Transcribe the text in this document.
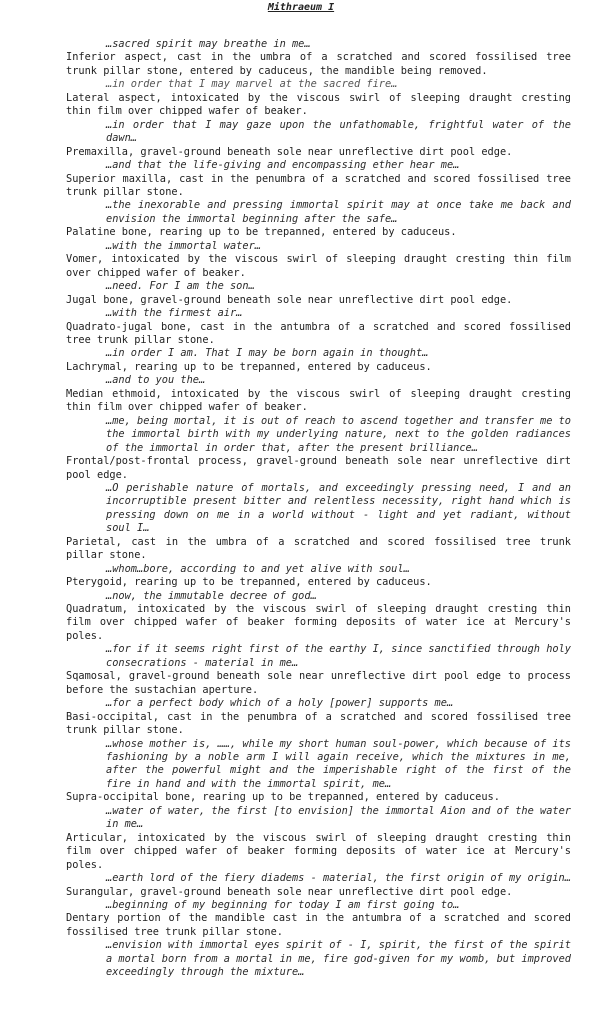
Mithraeum I
…sacred spirit may breathe in me…
Inferior aspect, cast in the umbra of a scratched and scored fossilised tree trunk pillar stone, entered by caduceus, the mandible being removed.
…in order that I may marvel at the sacred fire…
Lateral aspect, intoxicated by the viscous swirl of sleeping draught cresting thin film over chipped wafer of beaker.
…in order that I may gaze upon the unfathomable, frightful water of the dawn…
Premaxilla, gravel-ground beneath sole near unreflective dirt pool edge.
…and that the life-giving and encompassing ether hear me…
Superior maxilla, cast in the penumbra of a scratched and scored fossilised tree trunk pillar stone.
…the inexorable and pressing immortal spirit may at once take me back and envision the immortal beginning after the safe…
Palatine bone, rearing up to be trepanned, entered by caduceus.
…with the immortal water…
Vomer, intoxicated by the viscous swirl of sleeping draught cresting thin film over chipped wafer of beaker.
…need. For I am the son…
Jugal bone, gravel-ground beneath sole near unreflective dirt pool edge.
…with the firmest air…
Quadrato-jugal bone, cast in the antumbra of a scratched and scored fossilised tree trunk pillar stone.
…in order I am. That I may be born again in thought…
Lachrymal, rearing up to be trepanned, entered by caduceus.
…and to you the…
Median ethmoid, intoxicated by the viscous swirl of sleeping draught cresting thin film over chipped wafer of beaker.
…me, being mortal, it is out of reach to ascend together and transfer me to the immortal birth with my underlying nature, next to the golden radiances of the immortal in order that, after the present brilliance…
Frontal/post-frontal process, gravel-ground beneath sole near unreflective dirt pool edge.
…O perishable nature of mortals, and exceedingly pressing need, I and an incorruptible present bitter and relentless necessity, right hand which is pressing down on me in a world without - light and yet radiant, without soul I…
Parietal, cast in the umbra of a scratched and scored fossilised tree trunk pillar stone.
…whom…bore, according to and yet alive with soul…
Pterygoid, rearing up to be trepanned, entered by caduceus.
…now, the immutable decree of god…
Quadratum, intoxicated by the viscous swirl of sleeping draught cresting thin film over chipped wafer of beaker forming deposits of water ice at Mercury's poles.
…for if it seems right first of the earthy I, since sanctified through holy consecrations - material in me…
Sqamosal, gravel-ground beneath sole near unreflective dirt pool edge to process before the sustachian aperture.
…for a perfect body which of a holy [power] supports me…
Basi-occipital, cast in the penumbra of a scratched and scored fossilised tree trunk pillar stone.
…whose mother is, ……, while my short human soul-power, which because of its fashioning by a noble arm I will again receive, which the mixtures in me, after the powerful might and the imperishable right of the first of the fire in hand and with the immortal spirit, me…
Supra-occipital bone, rearing up to be trepanned, entered by caduceus.
…water of water, the first [to envision] the immortal Aion and of the water in me…
Articular, intoxicated by the viscous swirl of sleeping draught cresting thin film over chipped wafer of beaker forming deposits of water ice at Mercury's poles.
…earth lord of the fiery diadems - material, the first origin of my origin…
Surangular, gravel-ground beneath sole near unreflective dirt pool edge.
…beginning of my beginning for today I am first going to…
Dentary portion of the mandible cast in the antumbra of a scratched and scored fossilised tree trunk pillar stone.
…envision with immortal eyes spirit of - I, spirit, the first of the spirit a mortal born from a mortal in me, fire god-given for my womb, but improved exceedingly through the mixture…
